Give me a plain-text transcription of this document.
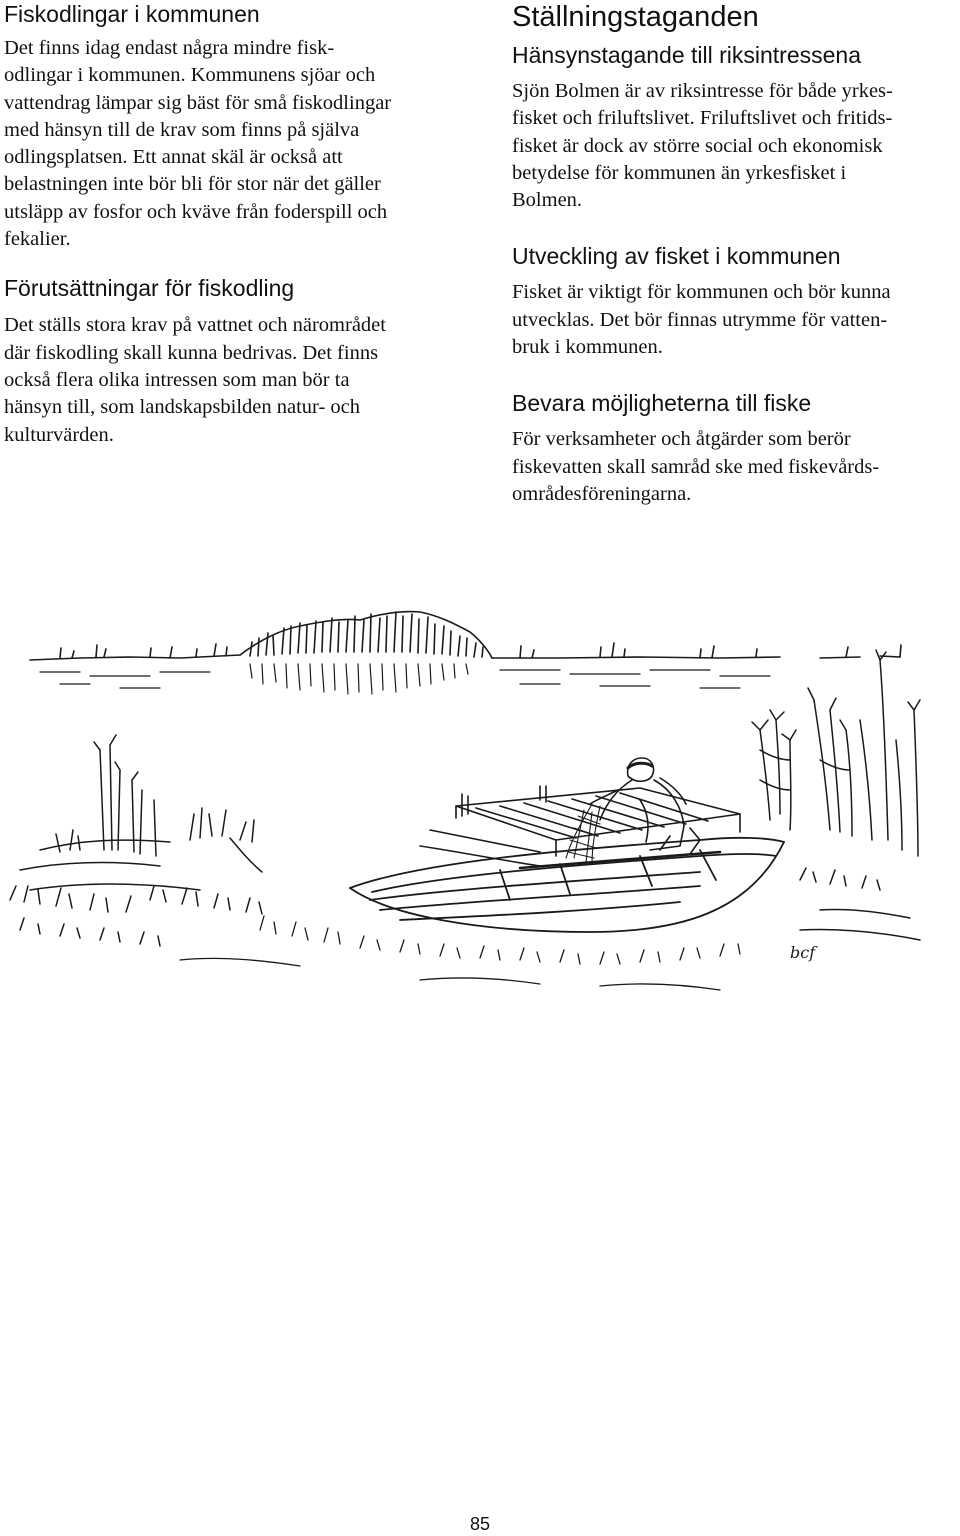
Fiskodlingar i kommunen

Det finns idag endast några mindre fisk-
odlingar i kommunen. Kommunens sjöar och
vattendrag lämpar sig bäst för små fiskodlingar
med hänsyn till de krav som finns på själva
odlingsplatsen. Ett annat skäl är också att
belastningen inte bör bli för stor när det gäller
utsläpp av fosfor och kväve från foderspill och
fekalier.

Förutsättningar för fiskodling

Det ställs stora krav på vattnet och närområdet
där fiskodling skall kunna bedrivas. Det finns
också flera olika intressen som man bör ta
hänsyn till, som landskapsbilden natur- och
kulturvärden.

Ställningstaganden
Hänsynstagande till riksintressena

Sjön Bolmen är av riksintresse för både yrkes-
fisket och friluftslivet. Friluftslivet och fritids-
fisket är dock av större social och ekonomisk
betydelse för kommunen än yrkesfisket i
Bolmen.

Utveckling av fisket i kommunen

Fisket är viktigt för kommunen och bör kunna
utvecklas. Det bör finnas utrymme för vatten-
bruk i kommunen.

Bevara möjligheterna till fiske

För verksamheter och åtgärder som berör
fiskevatten skall samråd ske med fiskevårds-
områdesföreningarna.

bcf
85
